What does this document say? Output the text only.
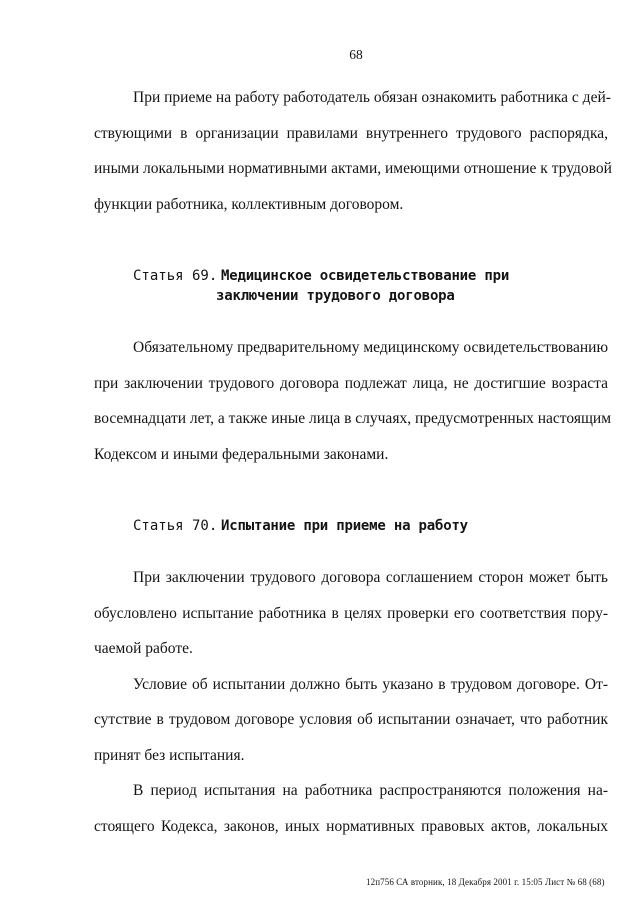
68
При приеме на работу работодатель обязан ознакомить работника с дей-
ствующими в организации правилами внутреннего трудового распорядка,
иными локальными нормативными актами, имеющими отношение к трудовой
функции работника, коллективным договором.
Статья 69. Медицинское освидетельствование при
заключении трудового договора
Обязательному предварительному медицинскому освидетельствованию
при заключении трудового договора подлежат лица, не достигшие возраста
восемнадцати лет, а также иные лица в случаях, предусмотренных настоящим
Кодексом и иными федеральными законами.
Статья 70. Испытание при приеме на работу
При заключении трудового договора соглашением сторон может быть
обусловлено испытание работника в целях проверки его соответствия пору-
чаемой работе.
Условие об испытании должно быть указано в трудовом договоре. От-
сутствие в трудовом договоре условия об испытании означает, что работник
принят без испытания.
В период испытания на работника распространяются положения на-
стоящего Кодекса, законов, иных нормативных правовых актов, локальных
12п756 СА вторник, 18 Декабря 2001 г. 15:05 Лист № 68 (68)
